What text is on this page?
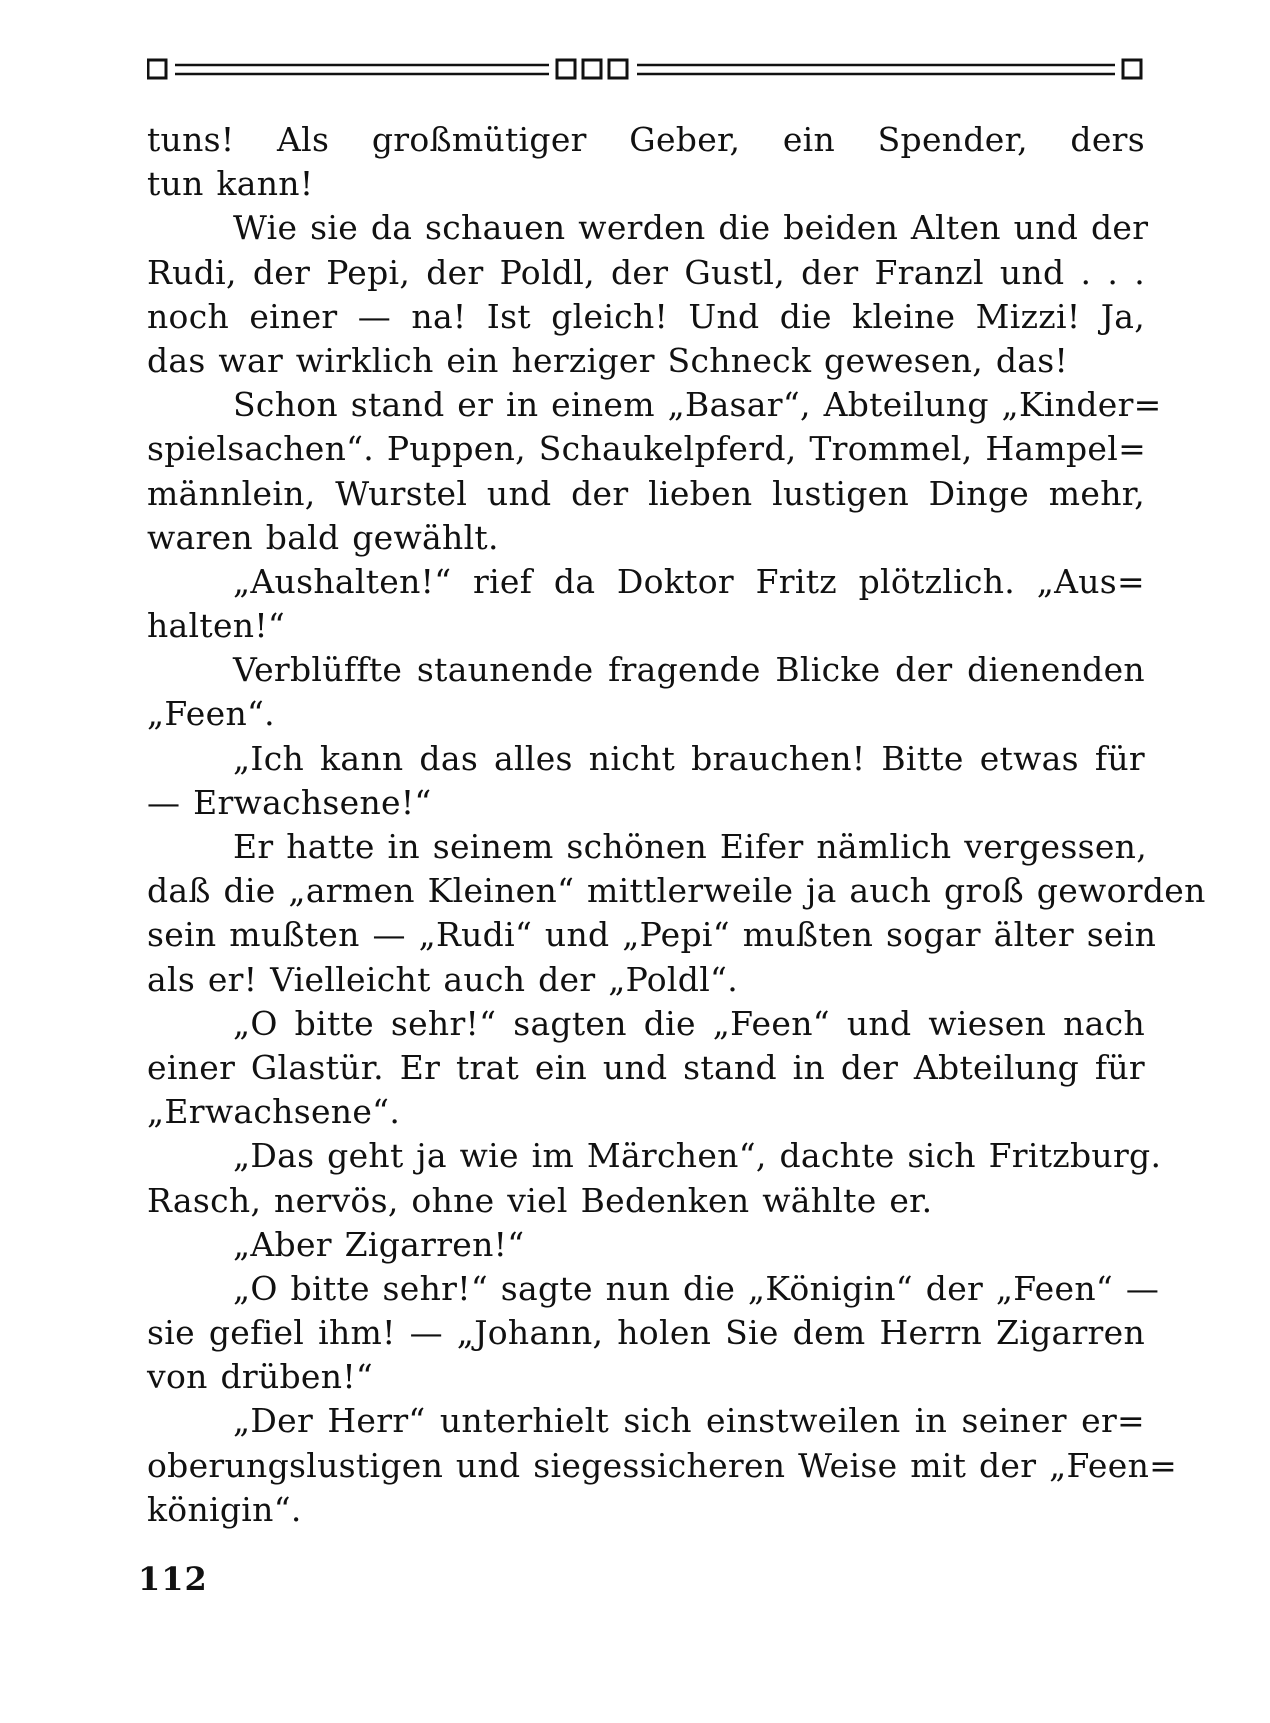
tuns! Als großmütiger Geber, ein Spender, ders
tun kann!
Wie sie da schauen werden die beiden Alten und der
Rudi, der Pepi, der Poldl, der Gustl, der Franzl und . . .
noch einer — na! Ist gleich! Und die kleine Mizzi! Ja,
das war wirklich ein herziger Schneck gewesen, das!
Schon stand er in einem „Basar“, Abteilung „Kinder=
spielsachen“. Puppen, Schaukelpferd, Trommel, Hampel=
männlein, Wurstel und der lieben lustigen Dinge mehr,
waren bald gewählt.
„Aushalten!“ rief da Doktor Fritz plötzlich. „Aus=
halten!“
Verblüffte staunende fragende Blicke der dienenden
„Feen“.
„Ich kann das alles nicht brauchen! Bitte etwas für
— Erwachsene!“
Er hatte in seinem schönen Eifer nämlich vergessen,
daß die „armen Kleinen“ mittlerweile ja auch groß geworden
sein mußten — „Rudi“ und „Pepi“ mußten sogar älter sein
als er! Vielleicht auch der „Poldl“.
„O bitte sehr!“ sagten die „Feen“ und wiesen nach
einer Glastür. Er trat ein und stand in der Abteilung für
„Erwachsene“.
„Das geht ja wie im Märchen“, dachte sich Fritzburg.
Rasch, nervös, ohne viel Bedenken wählte er.
„Aber Zigarren!“
„O bitte sehr!“ sagte nun die „Königin“ der „Feen“ —
sie gefiel ihm! — „Johann, holen Sie dem Herrn Zigarren
von drüben!“
„Der Herr“ unterhielt sich einstweilen in seiner er=
oberungslustigen und siegessicheren Weise mit der „Feen=
königin“.
112
